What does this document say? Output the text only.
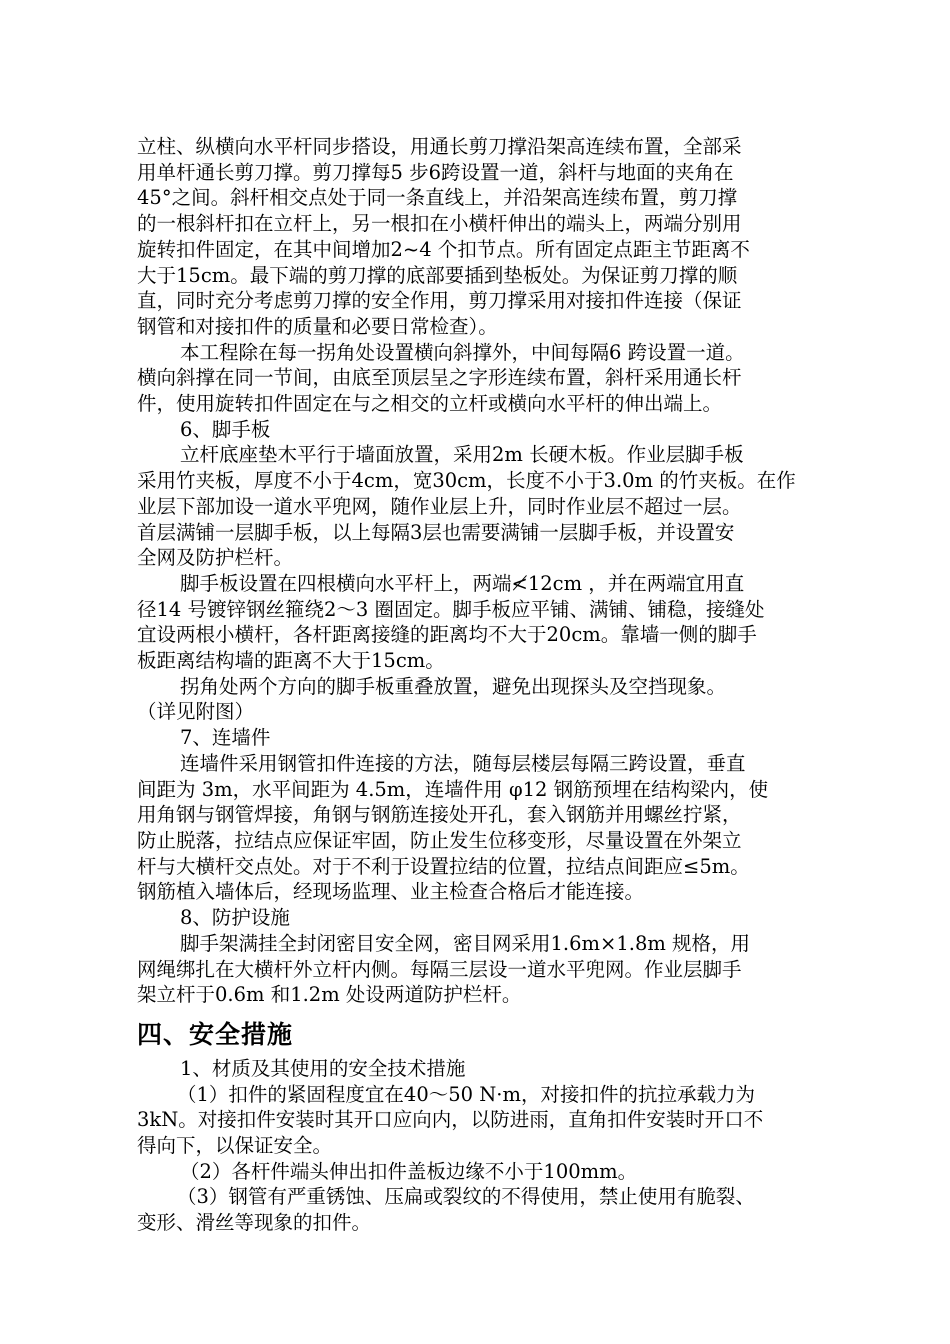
立柱、纵横向水平杆同步搭设，用通长剪刀撑沿架高连续布置，全部采
用单杆通长剪刀撑。剪刀撑每5 步6跨设置一道，斜杆与地面的夹角在
45°之间。斜杆相交点处于同一条直线上，并沿架高连续布置，剪刀撑
的一根斜杆扣在立杆上，另一根扣在小横杆伸出的端头上，两端分别用
旋转扣件固定，在其中间增加2~4 个扣节点。所有固定点距主节距离不
大于15cm。最下端的剪刀撑的底部要插到垫板处。为保证剪刀撑的顺
直，同时充分考虑剪刀撑的安全作用，剪刀撑采用对接扣件连接（保证
钢管和对接扣件的质量和必要日常检查）。
本工程除在每一拐角处设置横向斜撑外，中间每隔6 跨设置一道。
横向斜撑在同一节间，由底至顶层呈之字形连续布置，斜杆采用通长杆
件，使用旋转扣件固定在与之相交的立杆或横向水平杆的伸出端上。
6、脚手板
立杆底座垫木平行于墙面放置，采用2m 长硬木板。作业层脚手板
采用竹夹板，厚度不小于4cm，宽30cm，长度不小于3.0m 的竹夹板。在作
业层下部加设一道水平兜网，随作业层上升，同时作业层不超过一层。
首层满铺一层脚手板，以上每隔3层也需要满铺一层脚手板，并设置安
全网及防护栏杆。
脚手板设置在四根横向水平杆上，两端≮12cm ，并在两端宜用直
径14 号镀锌钢丝箍绕2～3 圈固定。脚手板应平铺、满铺、铺稳，接缝处
宜设两根小横杆，各杆距离接缝的距离均不大于20cm。靠墙一侧的脚手
板距离结构墙的距离不大于15cm。
拐角处两个方向的脚手板重叠放置，避免出现探头及空挡现象。
（详见附图）
7、连墙件
连墙件采用钢管扣件连接的方法，随每层楼层每隔三跨设置，垂直
间距为 3m，水平间距为 4.5m，连墙件用 φ12 钢筋预埋在结构梁内，使
用角钢与钢管焊接，角钢与钢筋连接处开孔，套入钢筋并用螺丝拧紧，
防止脱落，拉结点应保证牢固，防止发生位移变形，尽量设置在外架立
杆与大横杆交点处。对于不利于设置拉结的位置，拉结点间距应≤5m。
钢筋植入墙体后，经现场监理、业主检查合格后才能连接。
8、防护设施
脚手架满挂全封闭密目安全网，密目网采用1.6m×1.8m 规格，用
网绳绑扎在大横杆外立杆内侧。每隔三层设一道水平兜网。作业层脚手
架立杆于0.6m 和1.2m 处设两道防护栏杆。
四、安全措施
1、材质及其使用的安全技术措施
（1）扣件的紧固程度宜在40～50 N·m，对接扣件的抗拉承载力为
3kN。对接扣件安装时其开口应向内，以防进雨，直角扣件安装时开口不
得向下，以保证安全。
（2）各杆件端头伸出扣件盖板边缘不小于100mm。
（3）钢管有严重锈蚀、压扁或裂纹的不得使用，禁止使用有脆裂、
变形、滑丝等现象的扣件。
